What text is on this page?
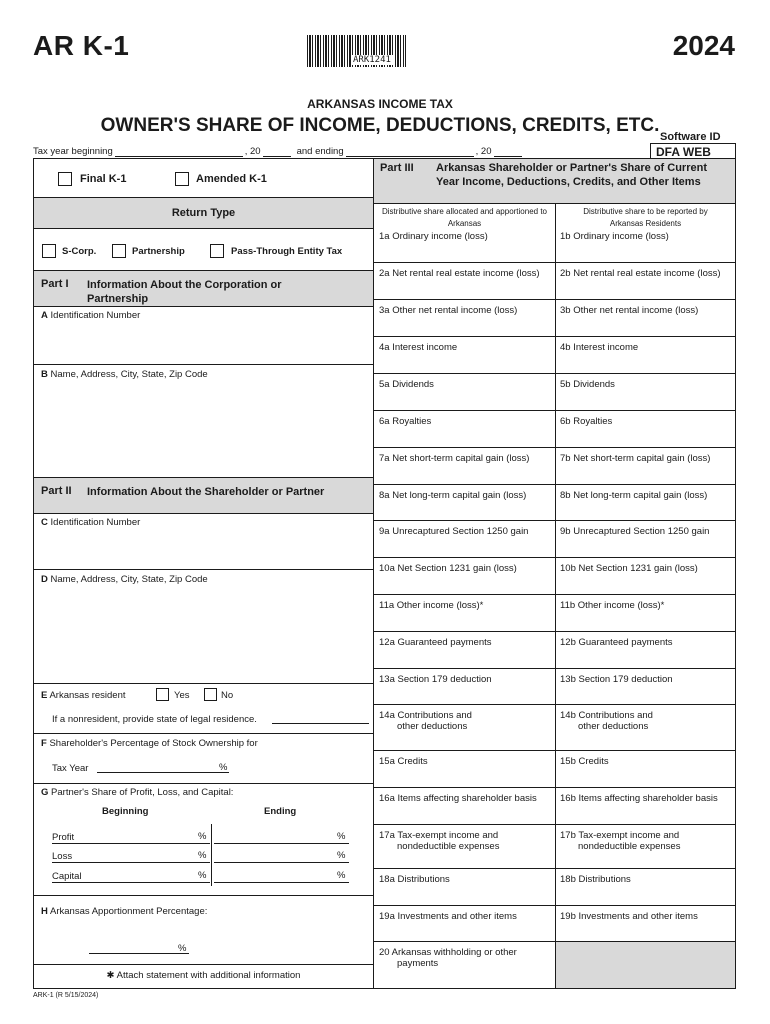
AR K-1	ARK1241	2024
ARKANSAS INCOME TAX
OWNER'S SHARE OF INCOME, DEDUCTIONS, CREDITS, ETC.
Software ID
DFA WEB
Tax year beginning	, 20	and ending	, 20
Final K-1	Amended K-1
Return Type
S-Corp.	Partnership	Pass-Through Entity Tax
Part I Information About the Corporation or Partnership
A Identification Number
B Name, Address, City, State, Zip Code
Part II Information About the Shareholder or Partner
C Identification Number
D Name, Address, City, State, Zip Code
E Arkansas resident	Yes	No
If a nonresident, provide state of legal residence.
F Shareholder's Percentage of Stock Ownership for
Tax Year	%
G Partner's Share of Profit, Loss, and Capital:
Beginning	Ending
Profit	%	%
Loss	%	%
Capital	%	%
H Arkansas Apportionment Percentage:
%
✱ Attach statement with additional information
Part III Arkansas Shareholder or Partner's Share of Current Year Income, Deductions, Credits, and Other Items
Distributive share allocated and apportioned to Arkansas
Distributive share to be reported by Arkansas Residents
1a Ordinary income (loss)	1b Ordinary income (loss)
2a Net rental real estate income (loss) 2b Net rental real estate income (loss)
3a Other net rental income (loss)	3b Other net rental income (loss)
4a Interest income	4b Interest income
5a Dividends	5b Dividends
6a Royalties	6b Royalties
7a Net short-term capital gain (loss)	7b Net short-term capital gain (loss)
8a Net long-term capital gain (loss)	8b Net long-term capital gain (loss)
9a Unrecaptured Section 1250 gain	9b Unrecaptured Section 1250 gain
10a Net Section 1231 gain (loss)	10b Net Section 1231 gain (loss)
11a Other income (loss)*	11b Other income (loss)*
12a Guaranteed payments	12b Guaranteed payments
13a Section 179 deduction	13b Section 179 deduction
14a Contributions and
other deductions
14b Contributions and
other deductions
15a Credits	15b Credits
16a Items affecting shareholder basis 16b Items affecting shareholder basis
17a Tax-exempt income and
nondeductible expenses
17b Tax-exempt income and
nondeductible expenses
18a Distributions	18b Distributions
19a Investments and other items	19b Investments and other items
20 Arkansas withholding or other
payments
ARK-1 (R 5/15/2024)
